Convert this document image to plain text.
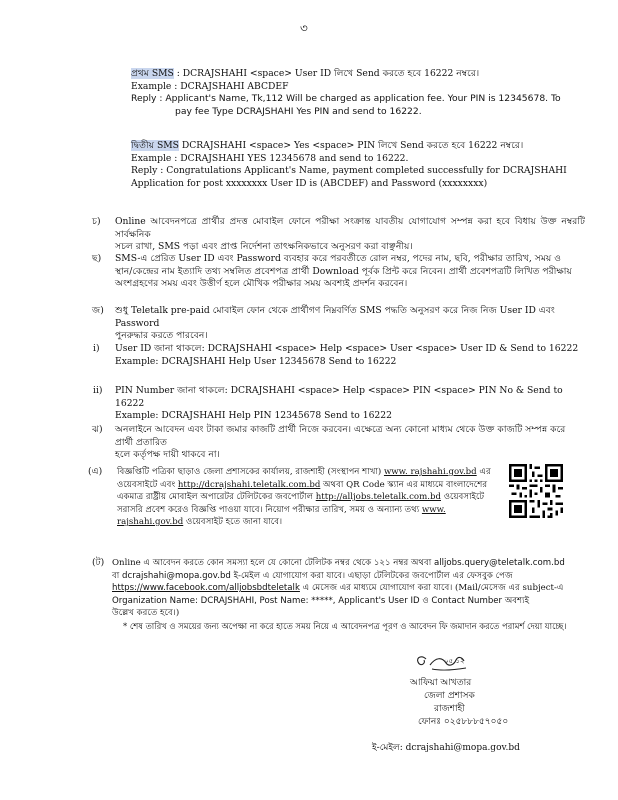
৩
প্রথম SMS : DCRAJSHAHI <space> User ID লিখে Send করতে হবে 16222 নম্বরে।
Example : DCRAJSHAHI ABCDEF
Reply : Applicant's Name, Tk,112 Will be charged as application fee. Your PIN is 12345678. To
pay fee Type DCRAJSHAHI Yes PIN and send to 16222.
দ্বিতীয় SMS DCRAJSHAHI <space> Yes <space> PIN লিখে Send করতে হবে 16222 নম্বরে।
Example : DCRAJSHAHI YES 12345678 and send to 16222.
Reply : Congratulations Applicant's Name, payment completed successfully for DCRAJSHAHI
Application for post xxxxxxxx User ID is (ABCDEF) and Password (xxxxxxxx)
চ) Online আবেদনপত্রে প্রার্থীর প্রদত্ত মোবাইল ফোনে পরীক্ষা সংক্রান্ত যাবতীয় যোগাযোগ সম্পন্ন করা হবে বিধায় উক্ত নম্বরটি সার্বক্ষনিক
সচল রাখা, SMS পড়া এবং প্রাপ্ত নির্দেশনা তাৎক্ষনিকভাবে অনুসরণ করা বাঞ্ছনীয়।
ছ) SMS-এ প্রেরিত User ID এবং Password ব্যবহার করে পরবর্তীতে রোল নম্বর, পদের নাম, ছবি, পরীক্ষার তারিখ, সময় ও
স্থান/কেন্দ্রের নাম ইত্যাদি তথ্য সম্বলিত প্রবেশপত্র প্রার্থী Download পূর্বক প্রিন্ট করে নিবেন। প্রার্থী প্রবেশপত্রটি লিখিত পরীক্ষায়
অংশগ্রহণের সময় এবং উত্তীর্ণ হলে মৌখিক পরীক্ষার সময় অবশ্যই প্রদর্শন করবেন।
জ) শুধু Teletalk pre-paid মোবাইল ফোন থেকে প্রার্থীগণ নিম্নবর্ণিত SMS পদ্ধতি অনুসরণ করে নিজ নিজ User ID এবং Password
পুনরুদ্ধার করতে পারবেন।
i)	User ID জানা থাকলে: DCRAJSHAHI <space> Help <space> User <space> User ID & Send to 16222
Example: DCRAJSHAHI Help User 12345678 Send to 16222
ii)	PIN Number জানা থাকলে: DCRAJSHAHI <space> Help <space> PIN <space> PIN No & Send to 16222
Example: DCRAJSHAHI Help PIN 12345678 Send to 16222
ঝ) অনলাইনে আবেদন এবং টাকা জমার কাজটি প্রার্থী নিজে করবেন। এক্ষেত্রে অন্য কোনো মাধ্যম থেকে উক্ত কাজটি সম্পন্ন করে প্রার্থী প্রতারিত
হলে কর্তৃপক্ষ দায়ী থাকবে না।
(এ)	বিজ্ঞপ্তিটি পত্রিকা ছাড়াও জেলা প্রশাসকের কার্যালয়, রাজশাহী (সংস্থাপন শাখা) www. rajshahi.gov.bd এর
ওয়েবসাইটে এবং http://dcrajshahi.teletalk.com.bd অথবা QR Code স্ক্যান এর মাধ্যমে বাংলাদেশের
একমাত্র রাষ্ট্রীয় মোবাইল অপারেটর টেলিটকের জবপোর্টাল http://alljobs.teletalk.com.bd ওয়েবসাইটে
সরাসরি প্রবেশ করেও বিজ্ঞপ্তি পাওয়া যাবে। নিয়োগ পরীক্ষার তারিখ, সময় ও অন্যান্য তথ্য www.
rajshahi.gov.bd ওয়েবসাইট হতে জানা যাবে।
(ট) Online এ আবেদন করতে কোন সমস্যা হলে যে কোনো টেলিটক নম্বর থেকে ১২১ নম্বর অথবা alljobs.query@teletalk.com.bd
বা dcrajshahi@mopa.gov.bd ই-মেইল এ যোগাযোগ করা যাবে। এছাড়া টেলিটকের জবপোর্টাল এর ফেসবুক পেজ
https://www.facebook.com/alljobsbdteletalk এ মেসেজ এর মাধ্যমে যোগাযোগ করা যাবে। (Mail/মেসেজ এর subject-এ
Organization Name: DCRAJSHAHI, Post Name: *****, Applicant's User ID ও Contact Number অবশ্যই
উল্লেখ করতে হবে।)
* শেষ তারিখ ও সময়ের জন্য অপেক্ষা না করে হাতে সময় নিয়ে এ আবেদনপত্র পূরণ ও আবেদন ফি জমাদান করতে পরামর্শ দেয়া যাচ্ছে।
০৫.১২
আফিয়া আখতার
জেলা প্রশাসক
রাজশাহী
ফোনঃ ০২৫৮৮৮৫৭০৫০
ই-মেইল: dcrajshahi@mopa.gov.bd
